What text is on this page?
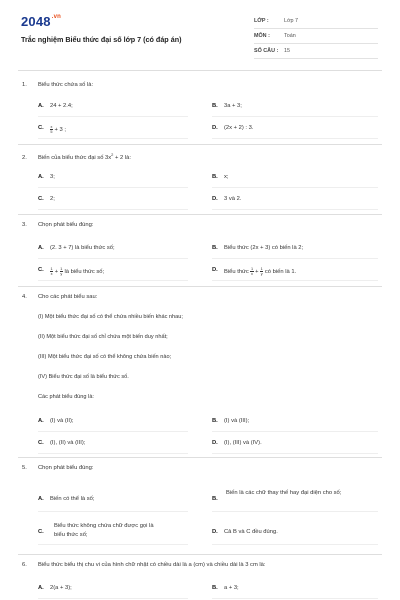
$2048^{.vn}$
Trắc nghiệm Biểu thức đại số lớp 7 (có đáp án)
LỚP :	Lớp 7
MÔN :	Toán
SỐ CÂU : 15
1. Biểu thức chứa số là:
A. 24 + 2.4;	B. 3a + 3;
C. $\frac{x}{5} + 3$ ;	D. (2x + 2) : 3.
2. Biến của biểu thức đại số $3x^2 + 2$ là:
A. 3;	B. x;
C. 2;	D. 3 và 2.
3. Chọn phát biểu đúng:
A. (2. 3 + 7) là biểu thức số;	B. Biểu thức (2x + 3) có biến là 2;
C. $\frac{1}{x} + \frac{1}{y}$ là biểu thức số;	D. Biểu thức $\frac{1}{x} + \frac{1}{y}$ có biến là 1.
4. Cho các phát biểu sau:
(I) Một biểu thức đại số có thể chứa nhiều biến khác nhau;
(II) Một biểu thức đại số chỉ chứa một biến duy nhất;
(III) Một biểu thức đại số có thể không chứa biến nào;
(IV) Biểu thức đại số là biểu thức số.
Các phát biểu đúng là:
A. (I) và (II);	B. (I) và (III);
C. (I), (II) và (III);	D. (I), (III) và (IV).
5. Chọn phát biểu đúng:
A. Biến có thể là số;	B.
Biến là các chữ thay thế hay đại diện cho số;
C.
Biểu thức không chứa chữ được gọi là biểu thức số;	D. Cả B và C đều đúng.
6. Biểu thức biểu thị chu vi của hình chữ nhật có chiều dài là a (cm) và chiều dài là 3 cm là:
A. 2(a + 3);	B. a + 3;
